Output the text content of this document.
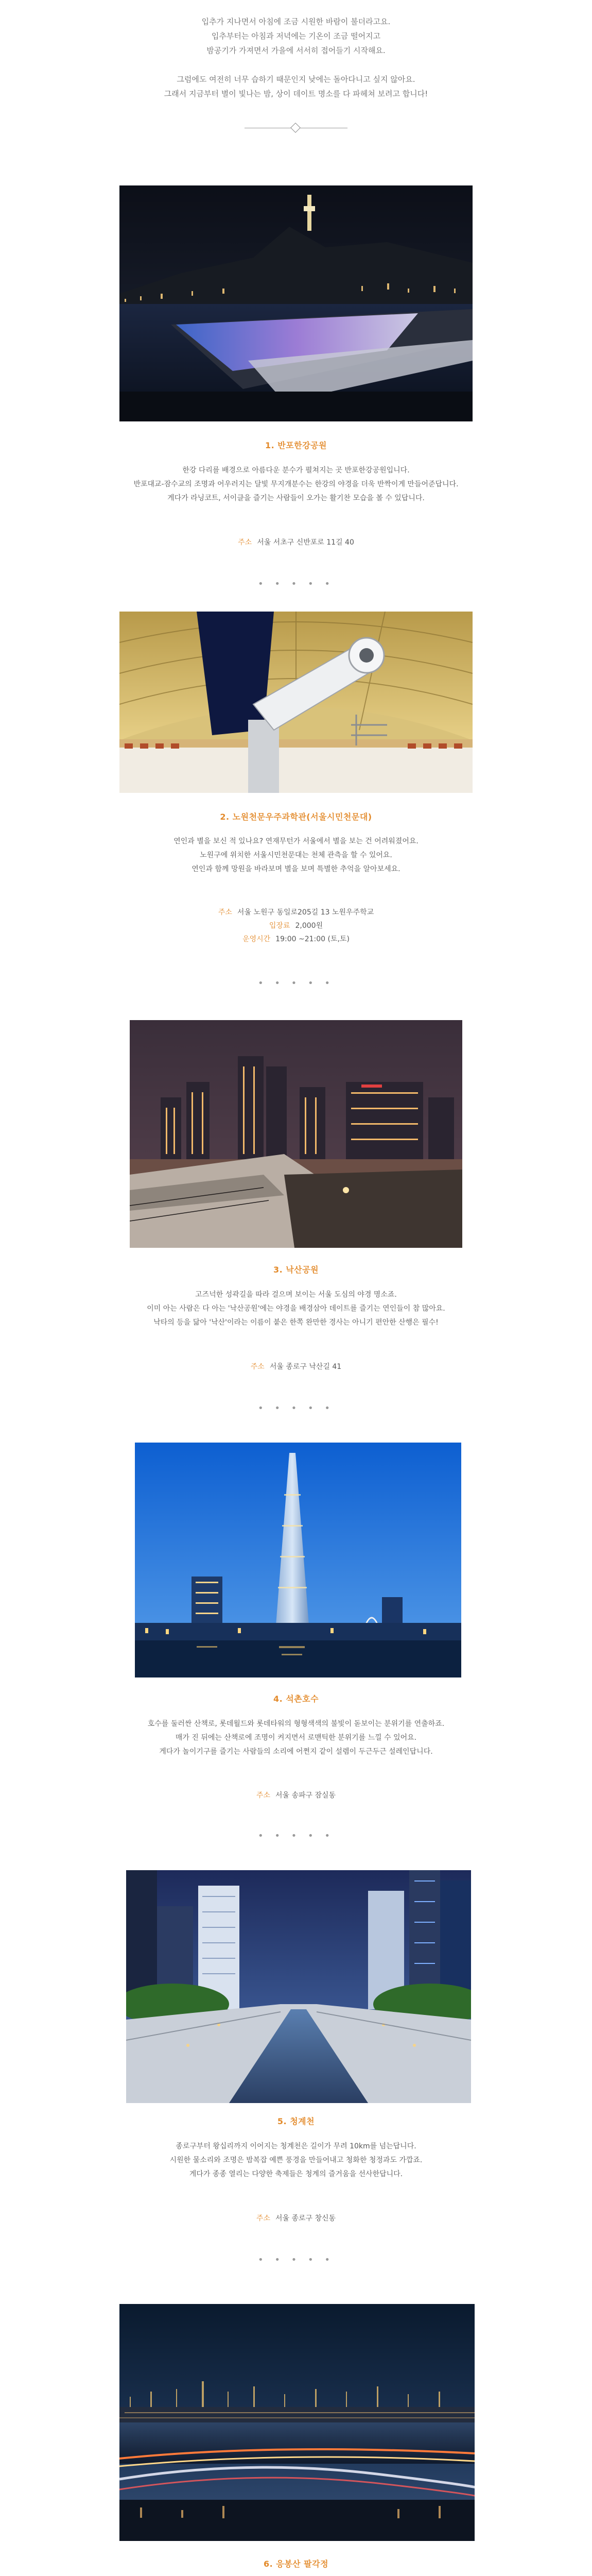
입추가 지나면서 아침에 조금 시원한 바람이 불더라고요.

입추부터는 아침과 저녁에는 기온이 조금 떨어지고

밤공기가 가져면서 가을에 서서히 접어들기 시작해요.

그럼에도 여전히 너무 습하기 때문인지 낮에는 돌아다니고 싶지 않아요.

그래서 지금부터 별이 빛나는 밤, 상이 데이트 명소를 다 파헤쳐 보려고 합니다!

1. 반포한강공원

한강 다리를 배경으로 아름다운 분수가 펼쳐지는 곳 반포한강공원입니다.

반포대교-잠수교의 조명과 어우러지는 달빛 무지개분수는 한강의 야경을 더욱 반짝이게 만들어준답니다.

게다가 라닝코트, 서이클을 즐기는 사람들이 오가는 활기찬 모습을 볼 수 있답니다.

주소 서울 서초구 신반포로 11길 40
• • • • •
2. 노원천문우주과학관(서울시민천문대)

연인과 별을 보신 적 있나요? 연재무턴가 서울에서 별을 보는 건 어려워졌어요.

노원구에 위치한 서울시민천문대는 천체 관측을 할 수 있어요.

연인과 함께 망원을 바라보며 별을 보며 특별한 추억을 알아보세요.

주소 서울 노원구 동일로205길 13 노원우주학교
입장료 2,000원
운영시간 19:00 ~21:00 (토,토)
• • • • •
3. 낙산공원

고즈넉한 성곽길을 따라 걸으며 보이는 서울 도심의 야경 명소죠.

이미 아는 사람은 다 아는 '낙산공원'에는 야경을 배경삼아 데이트를 즐기는 연인들이 참 많아요.

낙타의 등을 닮아 '낙산'이라는 이름이 붙은 한쪽 완만한 경사는 아니기 편안한 산행은 필수!

주소 서울 종로구 낙산길 41
• • • • •
4. 석촌호수

호수를 둘러싼 산책로, 롯데월드와 롯데타워의 형형색색의 불빛이 돋보이는 분위기를 연출하죠.

매가 진 뒤에는 산책로에 조명이 켜지면서 로맨틱한 분위기를 느낄 수 있어요.

게다가 놀이기구를 즐기는 사람들의 소리에 어쩐지 같이 설렘이 두근두근 설레인답니다.

주소 서울 송파구 잠실동
• • • • •
5. 청계천

종로구부터 왕십리까지 이어지는 청계천은 길이가 무려 10km를 넘는답니다.

시원한 물소리와 조명은 밤복잡 예쁜 풍경을 만들어내고 청화한 청정과도 가깝죠.

게다가 종종 열리는 다양한 축제들은 청계의 즐거움을 선사한답니다.

주소 서울 종로구 창신동
• • • • •
6. 응봉산 팔각정
